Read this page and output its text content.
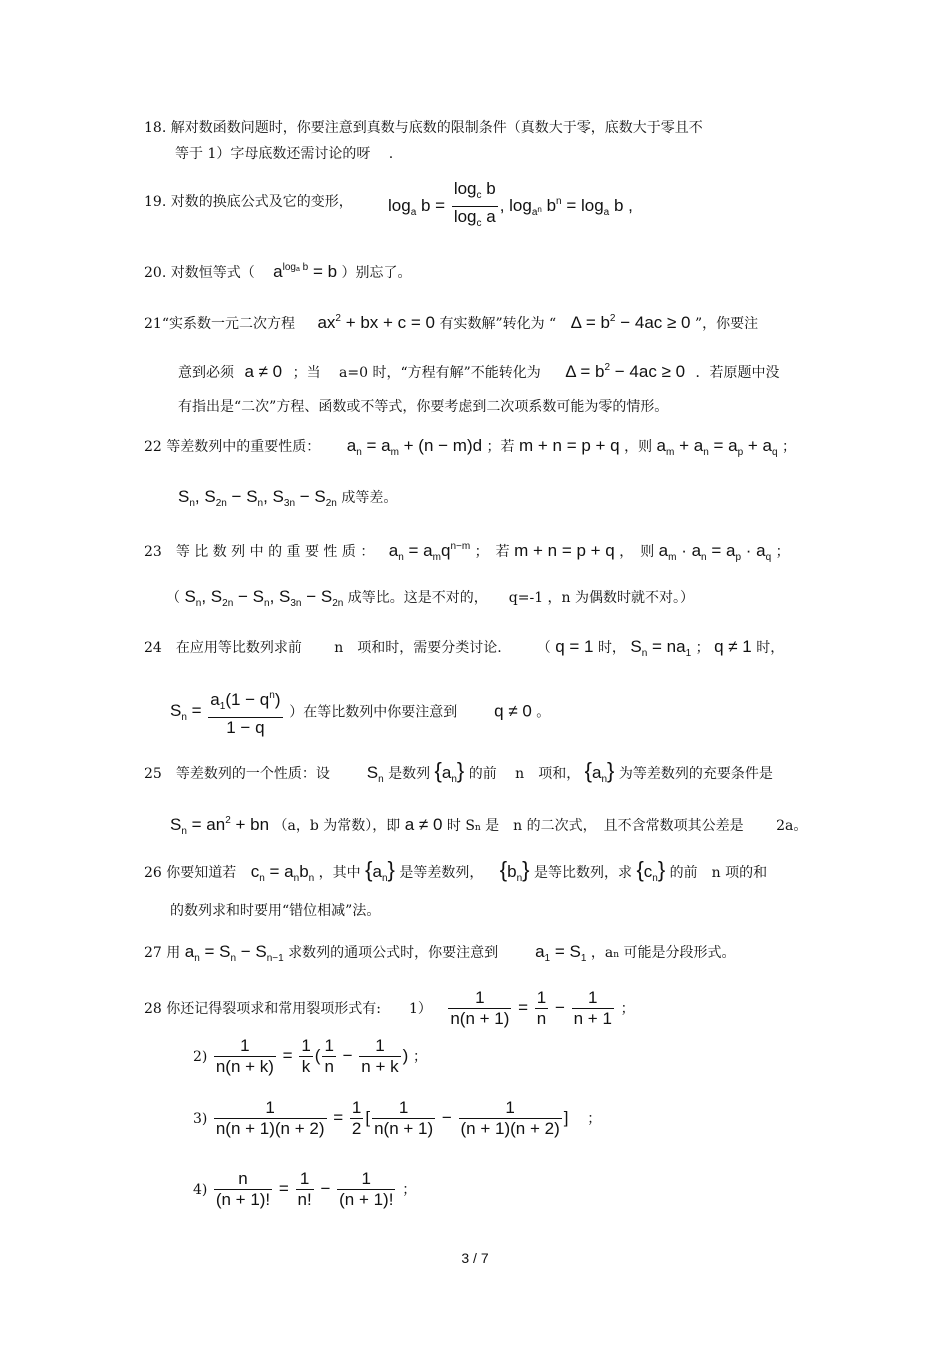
18. 解对数函数问题时，你要注意到真数与底数的限制条件（真数大于零，底数大于零且不
等于 1）字母底数还需讨论的呀 　.
19. 对数的换底公式及它的变形， $\log_a b = \frac{\log_c b}{\log_c a}$ , $\log_{a^n} b^n = \log_a b$ ,
20. 对数恒等式（ $a^{log_a b} = b$ ）别忘了。
21“实系数一元二次方程 $ax^2$ + bx + c = 0 有实数解”转化为 “ $\Delta = b^2 - 4ac \ge 0$ ”，你要注
意到必须 a ≠ 0 ；当 　a=0 时，“方程有解”不能转化为 $\Delta = b^2 - 4ac \ge 0$ ．若原题中没
有指出是“二次”方程、函数或不等式，你要考虑到二次项系数可能为零的情形。
22 等差数列中的重要性质： $a_n = a_m + (n - m)d$ ；若 m + n = p + q ，则 $a_m + a_n = a_p + a_q$ ；
$S_n$, $S_{2n} - S_n$, $S_{3n} - S_{2n}$ 成等差。
23　等 比 数 列 中 的 重 要 性 质 ： $a_n = a_mq^{n-m}$ ；　若 m + n = p + q ，　则 $a_m \cdot a_n = a_p \cdot a_q$ ；
（ $S_n$, $S_{2n} - S_n$, $S_{3n} - S_{2n}$ 成等比。这是不对的，　　q=-1 ，n 为偶数时就不对。）
24　在应用等比数列求前 　　n　项和时，需要分类讨论.　　　（ q = 1 时， $S_n = na_1$ ； q ≠ 1 时，
$S_n = \frac{a_1(1 - q^n)}{1 - q}$ ）在等比数列中你要注意到 　　 q ≠ 0 。
25　等差数列的一个性质：设 　　 $S_n$ 是数列 $\{a_n\}$ 的前 　n　项和， $\{a_n\}$ 为等差数列的充要条件是
$S_n = an^2$ + bn （a，b 为常数），即 a ≠ 0 时 Sn 是　n 的二次式，　且不含常数项其公差是 　　2a。
26 你要知道若 $c_n = a_nb_n$ ，其中 $\{a_n\}$ 是等差数列， $\{b_n\}$ 是等比数列，求 $\{c_n\}$ 的前　n 项的和
的数列求和时要用“错位相减”法。
27 用 $a_n = S_n - S_{n-1}$ 求数列的通项公式时，你要注意到 　　 $a_1 = S_1$ ，an 可能是分段形式。
28 你还记得裂项求和常用裂项形式有:　　$1) \frac{1}{n(n + 1)} = \frac{1}{n} - \frac{1}{n + 1}$ ；
$2) \frac{1}{n(n + k)} = \frac{1}{k}$ ( $\frac{1}{n} - \frac{1}{n + k}$ ) ；
$3) \frac{1}{n(n + 1)(n + 2)} = \frac{1}{2}$ [ $\frac{1}{n(n + 1)} - \frac{1}{(n + 1)(n + 2)}$ ] ；
$4) \frac{n}{(n + 1)!} = \frac{1}{n!} - \frac{1}{(n + 1)!}$ ；
3 / 7
